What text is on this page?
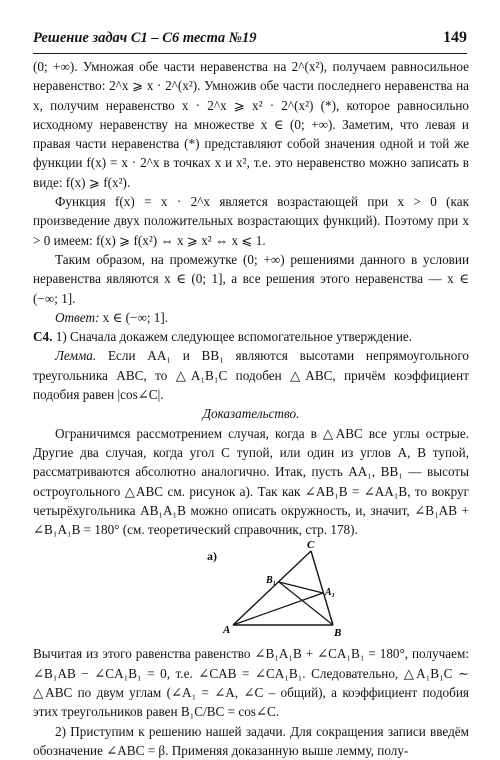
Решение задач С1 – С6 теста №19	149

(0; +∞). Умножая обе части неравенства на 2^(x²), получаем равносильное неравенство: 2^x ⩾ x · 2^(x²). Умножив обе части последнего неравенства на x, получим неравенство x · 2^x ⩾ x² · 2^(x²) (*), которое равносильно исходному неравенству на множестве x ∈ (0; +∞). Заметим, что левая и правая части неравенства (*) представляют собой значения одной и той же функции f(x) = x · 2^x в точках x и x², т.е. это неравенство можно записать в виде: f(x) ⩾ f(x²).

Функция f(x) = x · 2^x является возрастающей при x > 0 (как произведение двух положительных возрастающих функций). Поэтому при x > 0 имеем: f(x) ⩾ f(x²) ⇔ x ⩾ x² ⇔ x ⩽ 1.

Таким образом, на промежутке (0; +∞) решениями данного в условии неравенства являются x ∈ (0; 1], а все решения этого неравенства — x ∈ (−∞; 1].

Ответ: x ∈ (−∞; 1].

С4. 1) Сначала докажем следующее вспомогательное утверждение.

Лемма. Если AA₁ и BB₁ являются высотами непрямоугольного треугольника ABC, то △A₁B₁C подобен △ABC, причём коэффициент подобия равен |cos∠C|.

Доказательство.

Ограничимся рассмотрением случая, когда в △ABC все углы острые. Другие два случая, когда угол C тупой, или один из углов A, B тупой, рассматриваются абсолютно аналогично. Итак, пусть AA₁, BB₁ — высоты остроугольного △ABC см. рисунок а). Так как ∠AB₁B = ∠AA₁B, то вокруг четырёхугольника AB₁A₁B можно описать окружность, и, значит, ∠B₁AB + ∠B₁A₁B = 180° (см. теоретический справочник, стр. 178).

а)
A	B
C
A₁
B₁

Вычитая из этого равенства равенство ∠B₁A₁B + ∠CA₁B₁ = 180°, получаем: ∠B₁AB − ∠CA₁B₁ = 0, т.е. ∠CAB = ∠CA₁B₁. Следовательно, △A₁B₁C ∼ △ABC по двум углам (∠A₁ = ∠A, ∠C – общий), а коэффициент подобия этих треугольников равен B₁C/BC = cos∠C.

2) Приступим к решению нашей задачи. Для сокращения записи введём обозначение ∠ABC = β. Применяя доказанную выше лемму, полу-
